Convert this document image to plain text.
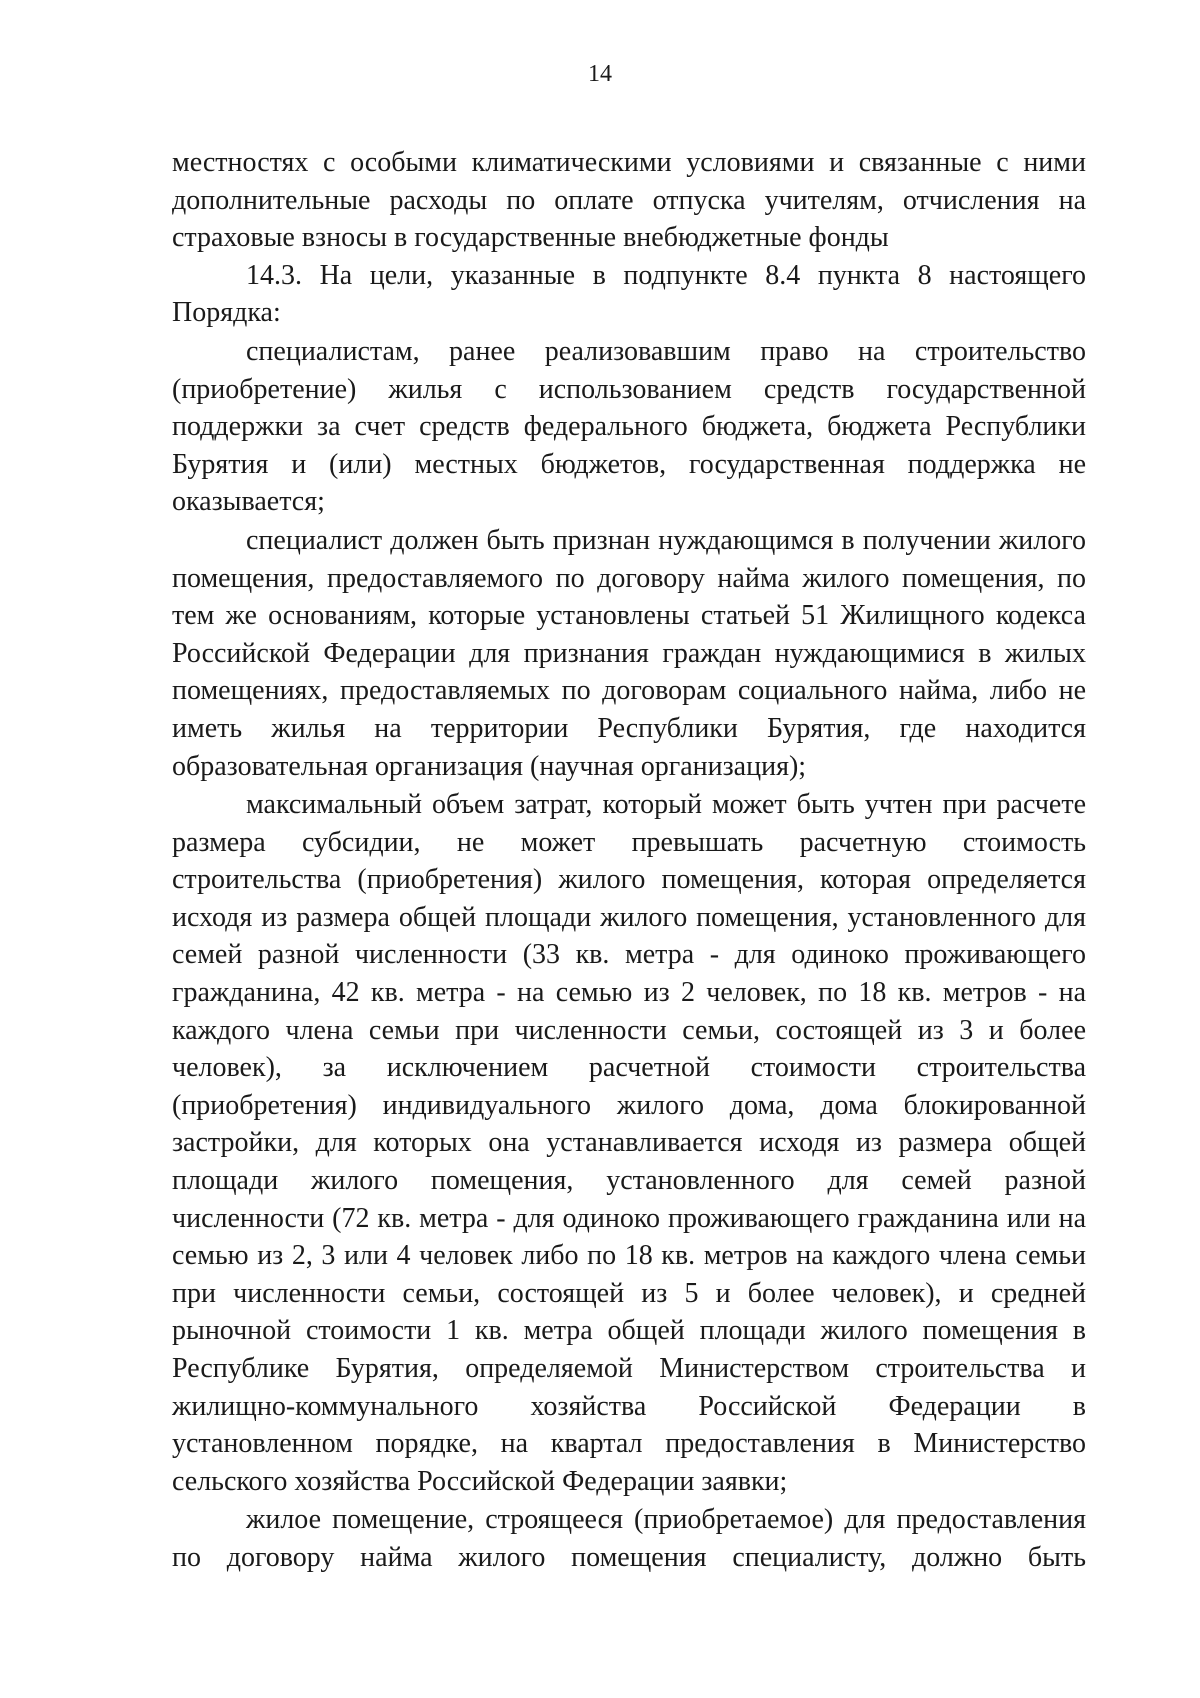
14

местностях с особыми климатическими условиями и связанные с ними дополнительные расходы по оплате отпуска учителям, отчисления на страховые взносы в государственные внебюджетные фонды

14.3. На цели, указанные в подпункте 8.4 пункта 8 настоящего Порядка:

специалистам, ранее реализовавшим право на строительство (приобретение) жилья с использованием средств государственной поддержки за счет средств федерального бюджета, бюджета Республики Бурятия и (или) местных бюджетов, государственная поддержка не оказывается;

специалист должен быть признан нуждающимся в получении жилого помещения, предоставляемого по договору найма жилого помещения, по тем же основаниям, которые установлены статьей 51 Жилищного кодекса Российской Федерации для признания граждан нуждающимися в жилых помещениях, предоставляемых по договорам социального найма, либо не иметь жилья на территории Республики Бурятия, где находится образовательная организация (научная организация);

максимальный объем затрат, который может быть учтен при расчете размера субсидии, не может превышать расчетную стоимость строительства (приобретения) жилого помещения, которая определяется исходя из размера общей площади жилого помещения, установленного для семей разной численности (33 кв. метра - для одиноко проживающего гражданина, 42 кв. метра - на семью из 2 человек, по 18 кв. метров - на каждого члена семьи при численности семьи, состоящей из 3 и более человек), за исключением расчетной стоимости строительства (приобретения) индивидуального жилого дома, дома блокированной застройки, для которых она устанавливается исходя из размера общей площади жилого помещения, установленного для семей разной численности (72 кв. метра - для одиноко проживающего гражданина или на семью из 2, 3 или 4 человек либо по 18 кв. метров на каждого члена семьи при численности семьи, состоящей из 5 и более человек), и средней рыночной стоимости 1 кв. метра общей площади жилого помещения в Республике Бурятия, определяемой Министерством строительства и жилищно-коммунального хозяйства Российской Федерации в установленном порядке, на квартал предоставления в Министерство сельского хозяйства Российской Федерации заявки;

жилое помещение, строящееся (приобретаемое) для предоставления по договору найма жилого помещения специалисту, должно быть
